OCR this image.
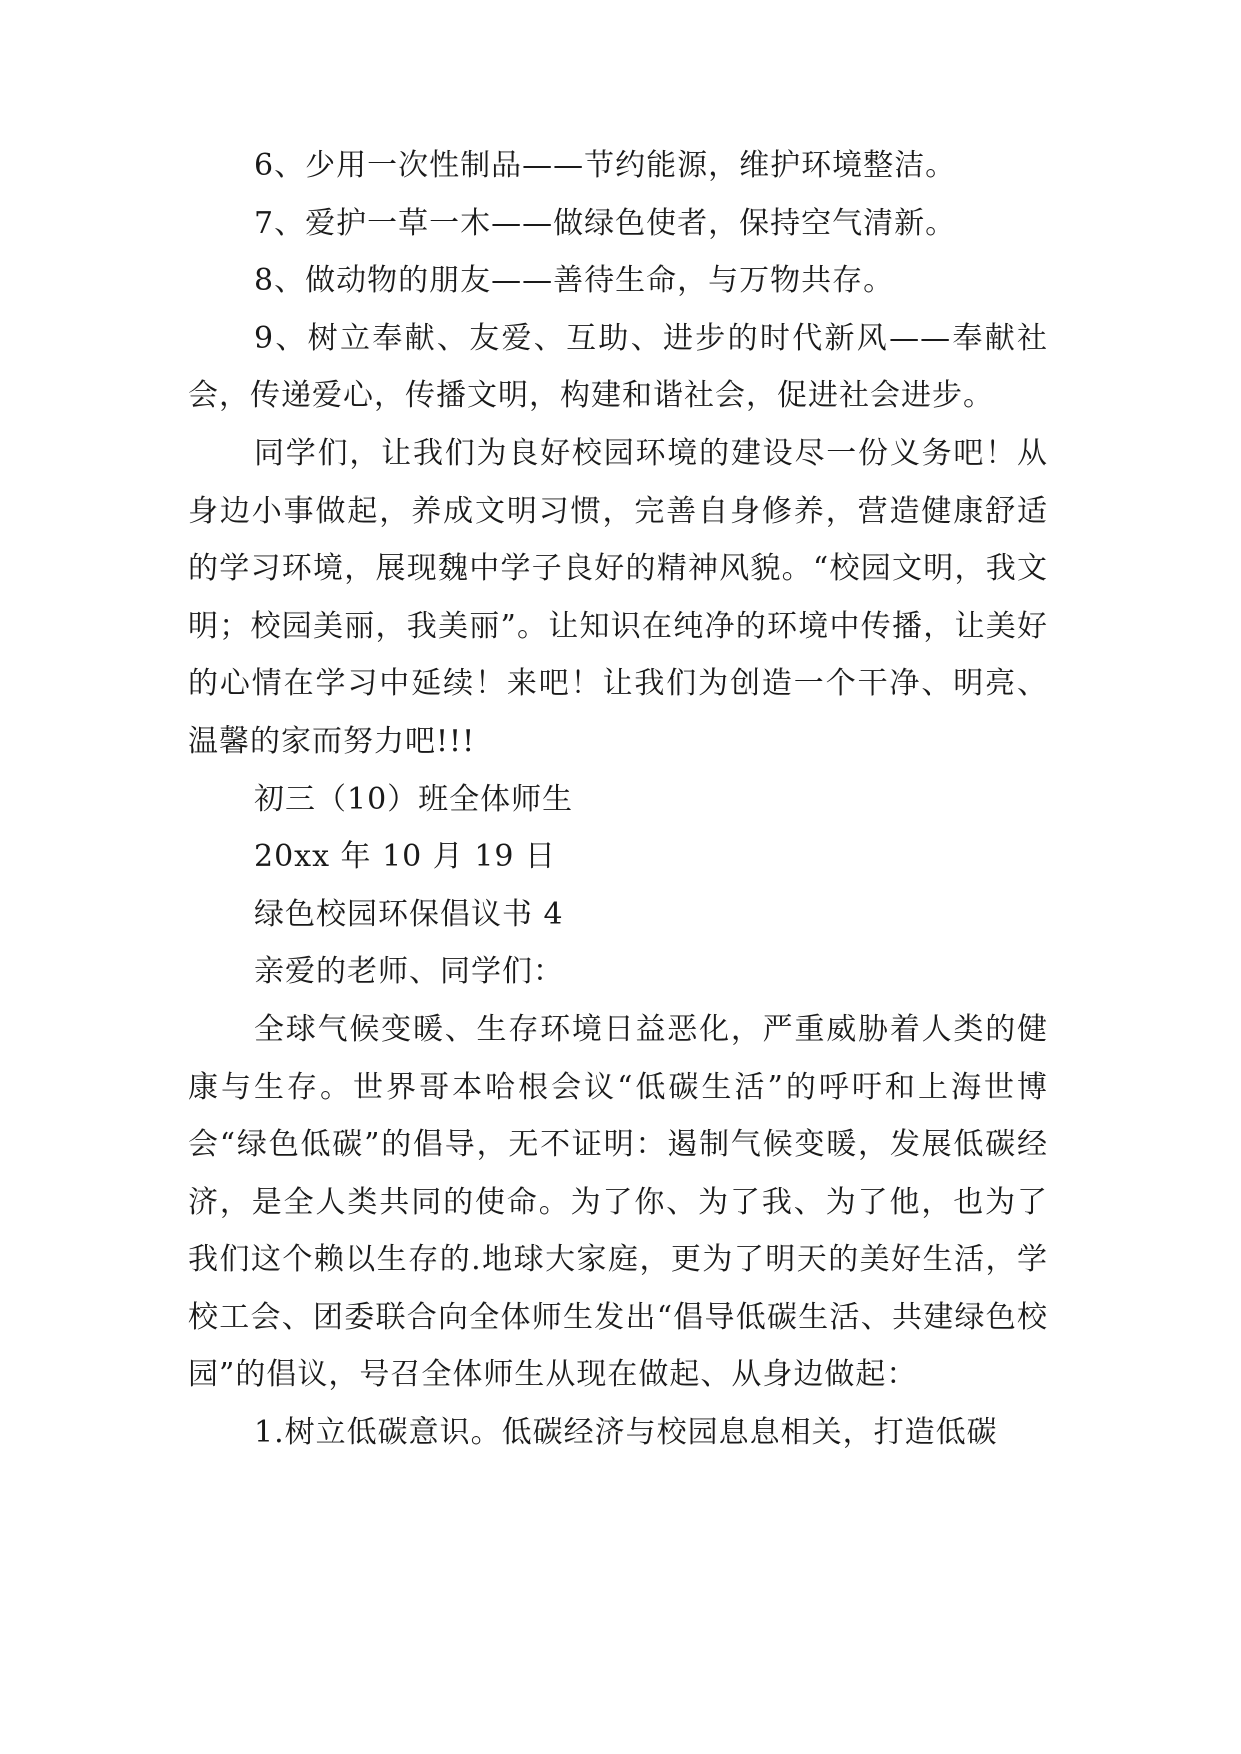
6、少用一次性制品——节约能源，维护环境整洁。

7、爱护一草一木——做绿色使者，保持空气清新。

8、做动物的朋友——善待生命，与万物共存。

9、树立奉献、友爱、互助、进步的时代新风——奉献社会，传递爱心，传播文明，构建和谐社会，促进社会进步。

同学们，让我们为良好校园环境的建设尽一份义务吧！从身边小事做起，养成文明习惯，完善自身修养，营造健康舒适的学习环境，展现魏中学子良好的精神风貌。“校园文明，我文明；校园美丽，我美丽”。让知识在纯净的环境中传播，让美好的心情在学习中延续！来吧！让我们为创造一个干净、明亮、温馨的家而努力吧!!!

初三（10）班全体师生

20xx 年 10 月 19 日

绿色校园环保倡议书 4

亲爱的老师、同学们：

全球气候变暖、生存环境日益恶化，严重威胁着人类的健康与生存。世界哥本哈根会议“低碳生活”的呼吁和上海世博会“绿色低碳”的倡导，无不证明：遏制气候变暖，发展低碳经济，是全人类共同的使命。为了你、为了我、为了他，也为了我们这个赖以生存的.地球大家庭，更为了明天的美好生活，学校工会、团委联合向全体师生发出“倡导低碳生活、共建绿色校园”的倡议，号召全体师生从现在做起、从身边做起：

1.树立低碳意识。低碳经济与校园息息相关，打造低碳
